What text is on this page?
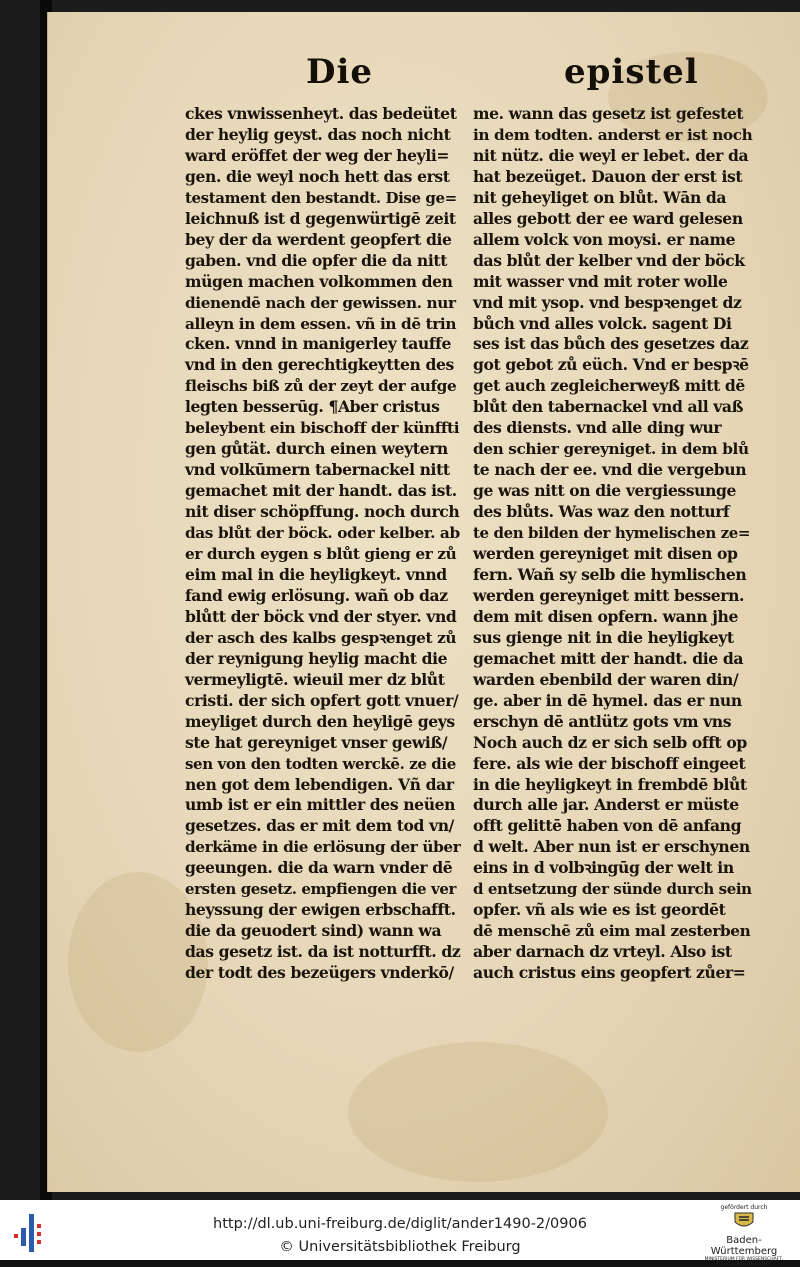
Die	epistel
ckes vnwissenheyt. das bedeütet
der heylig geyst. das noch nicht
ward eröffet der weg der heyli=
gen. die weyl noch hett das erst
testament den bestandt. Dise ge=
leichnuß ist d gegenwürtigē zeit
bey der da werdent geopfert die
gaben. vnd die opfer die da nitt
mügen machen volkommen den
dienendē nach der gewissen. nur
alleyn in dem essen. vñ in dē trin
cken. vnnd in manigerley tauffe
vnd in den gerechtigkeytten des
fleischs biß zů der zeyt der aufge
legten besserūg. ¶Aber cristus
beleybent ein bischoff der künffti
gen gůtät. durch einen weytern
vnd volkūmern tabernackel nitt
gemachet mit der handt. das ist.
nit diser schöpffung. noch durch
das blůt der böck. oder kelber. ab
er durch eygen s blůt gieng er zů
eim mal in die heyligkeyt. vnnd
fand ewig erlösung. wañ ob daz
blůtt der böck vnd der styer. vnd
der asch des kalbs gespꝛenget zů
der reynigung heylig macht die
vermeyligtē. wieuil mer dz blůt
cristi. der sich opfert gott vnuer/
meyliget durch den heyligē geys
ste hat gereyniget vnser gewiß/
sen von den todten werckē. ze die
nen got dem lebendigen. Vñ dar
umb ist er ein mittler des neüen
gesetzes. das er mit dem tod vn/
derkäme in die erlösung der über
geeungen. die da warn vnder dē
ersten gesetz. empfiengen die ver
heyssung der ewigen erbschafft.
die da geuodert sind) wann wa
das gesetz ist. da ist notturfft. dz
der todt des bezeügers vnderkō/
me. wann das gesetz ist gefestet
in dem todten. anderst er ist noch
nit nütz. die weyl er lebet. der da
hat bezeüget. Dauon der erst ist
nit geheyliget on blůt. Wān da
alles gebott der ee ward gelesen
allem volck von moysi. er name
das blůt der kelber vnd der böck
mit wasser vnd mit roter wolle
vnd mit ysop. vnd bespꝛenget dz
bůch vnd alles volck. sagent Di
ses ist das bůch des gesetzes daz
got gebot zů eüch. Vnd er bespꝛē
get auch zegleicherweyß mitt dē
blůt den tabernackel vnd all vaß
des diensts. vnd alle ding wur
den schier gereyniget. in dem blů
te nach der ee. vnd die vergebun
ge was nitt on die vergiessunge
des blůts. Was waz den notturf
te den bilden der hymelischen ze=
werden gereyniget mit disen op
fern. Wañ sy selb die hymlischen
werden gereyniget mitt bessern.
dem mit disen opfern. wann jhe
sus gienge nit in die heyligkeyt
gemachet mitt der handt. die da
warden ebenbild der waren din/
ge. aber in dē hymel. das er nun
erschyn dē antlütz gots vm vns
Noch auch dz er sich selb offt op
fere. als wie der bischoff eingeet
in die heyligkeyt in frembdē blůt
durch alle jar. Anderst er müste
offt gelittē haben von dē anfang
d welt. Aber nun ist er erschynen
eins in d volbꝛingūg der welt in
d entsetzung der sünde durch sein
opfer. vñ als wie es ist geordēt
dē menschē zů eim mal zesterben
aber darnach dz vrteyl. Also ist
auch cristus eins geopfert zůer=
http://dl.ub.uni-freiburg.de/diglit/ander1490-2/0906
© Universitätsbibliothek Freiburg
gefördert durch
Baden-Württemberg
MINISTERIUM FÜR WISSENSCHAFT, FORSCHUNG UND KUNST
